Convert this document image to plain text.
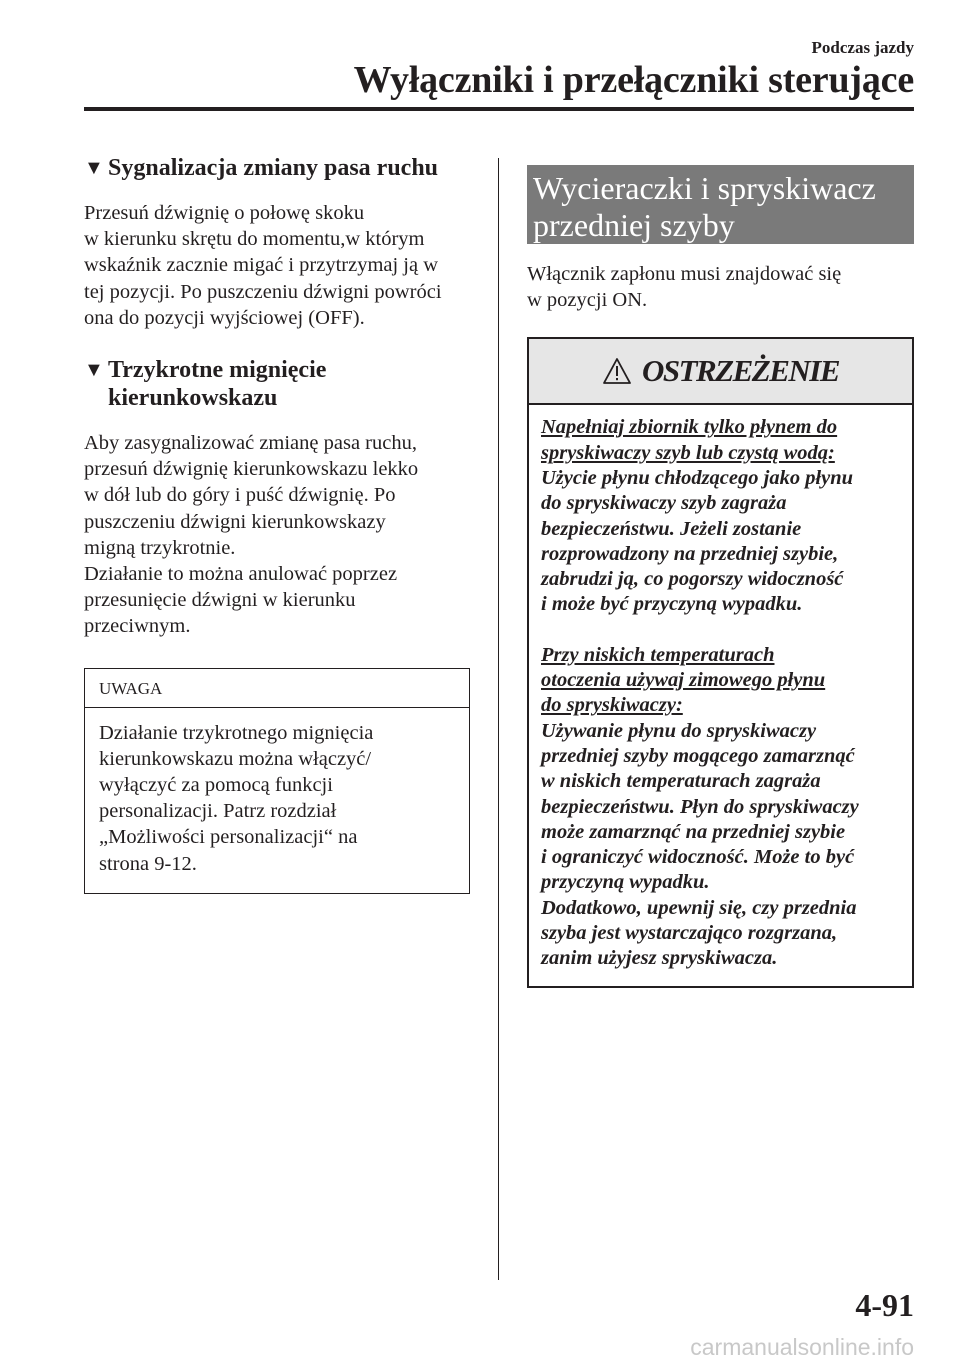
Podczas jazdy
Wyłączniki i przełączniki sterujące
▼ Sygnalizacja zmiany pasa ruchu

Przesuń dźwignię o połowę skoku
w kierunku skrętu do momentu,w którym
wskaźnik zacznie migać i przytrzymaj ją w
tej pozycji. Po puszczeniu dźwigni powróci
ona do pozycji wyjściowej (OFF).

▼ Trzykrotne mignięcie
kierunkowskazu

Aby zasygnalizować zmianę pasa ruchu,
przesuń dźwignię kierunkowskazu lekko
w dół lub do góry i puść dźwignię. Po
puszczeniu dźwigni kierunkowskazy
migną trzykrotnie.
Działanie to można anulować poprzez
przesunięcie dźwigni w kierunku
przeciwnym.

UWAGA
Działanie trzykrotnego mignięcia
kierunkowskazu można włączyć/
wyłączyć za pomocą funkcji
personalizacji. Patrz rozdział
„Możliwości personalizacji“ na
strona 9-12.
Wycieraczki i spryskiwacz
przedniej szyby

Włącznik zapłonu musi znajdować się
w pozycji ON.

OSTRZEŻENIE
Napełniaj zbiornik tylko płynem do
spryskiwaczy szyb lub czystą wodą:
Użycie płynu chłodzącego jako płynu
do spryskiwaczy szyb zagraża
bezpieczeństwu. Jeżeli zostanie
rozprowadzony na przedniej szybie,
zabrudzi ją, co pogorszy widoczność
i może być przyczyną wypadku.
Przy niskich temperaturach
otoczenia używaj zimowego płynu
do spryskiwaczy:
Używanie płynu do spryskiwaczy
przedniej szyby mogącego zamarznąć
w niskich temperaturach zagraża
bezpieczeństwu. Płyn do spryskiwaczy
może zamarznąć na przedniej szybie
i ograniczyć widoczność. Może to być
przyczyną wypadku.
Dodatkowo, upewnij się, czy przednia
szyba jest wystarczająco rozgrzana,
zanim użyjesz spryskiwacza.
4-91
carmanualsonline.info
